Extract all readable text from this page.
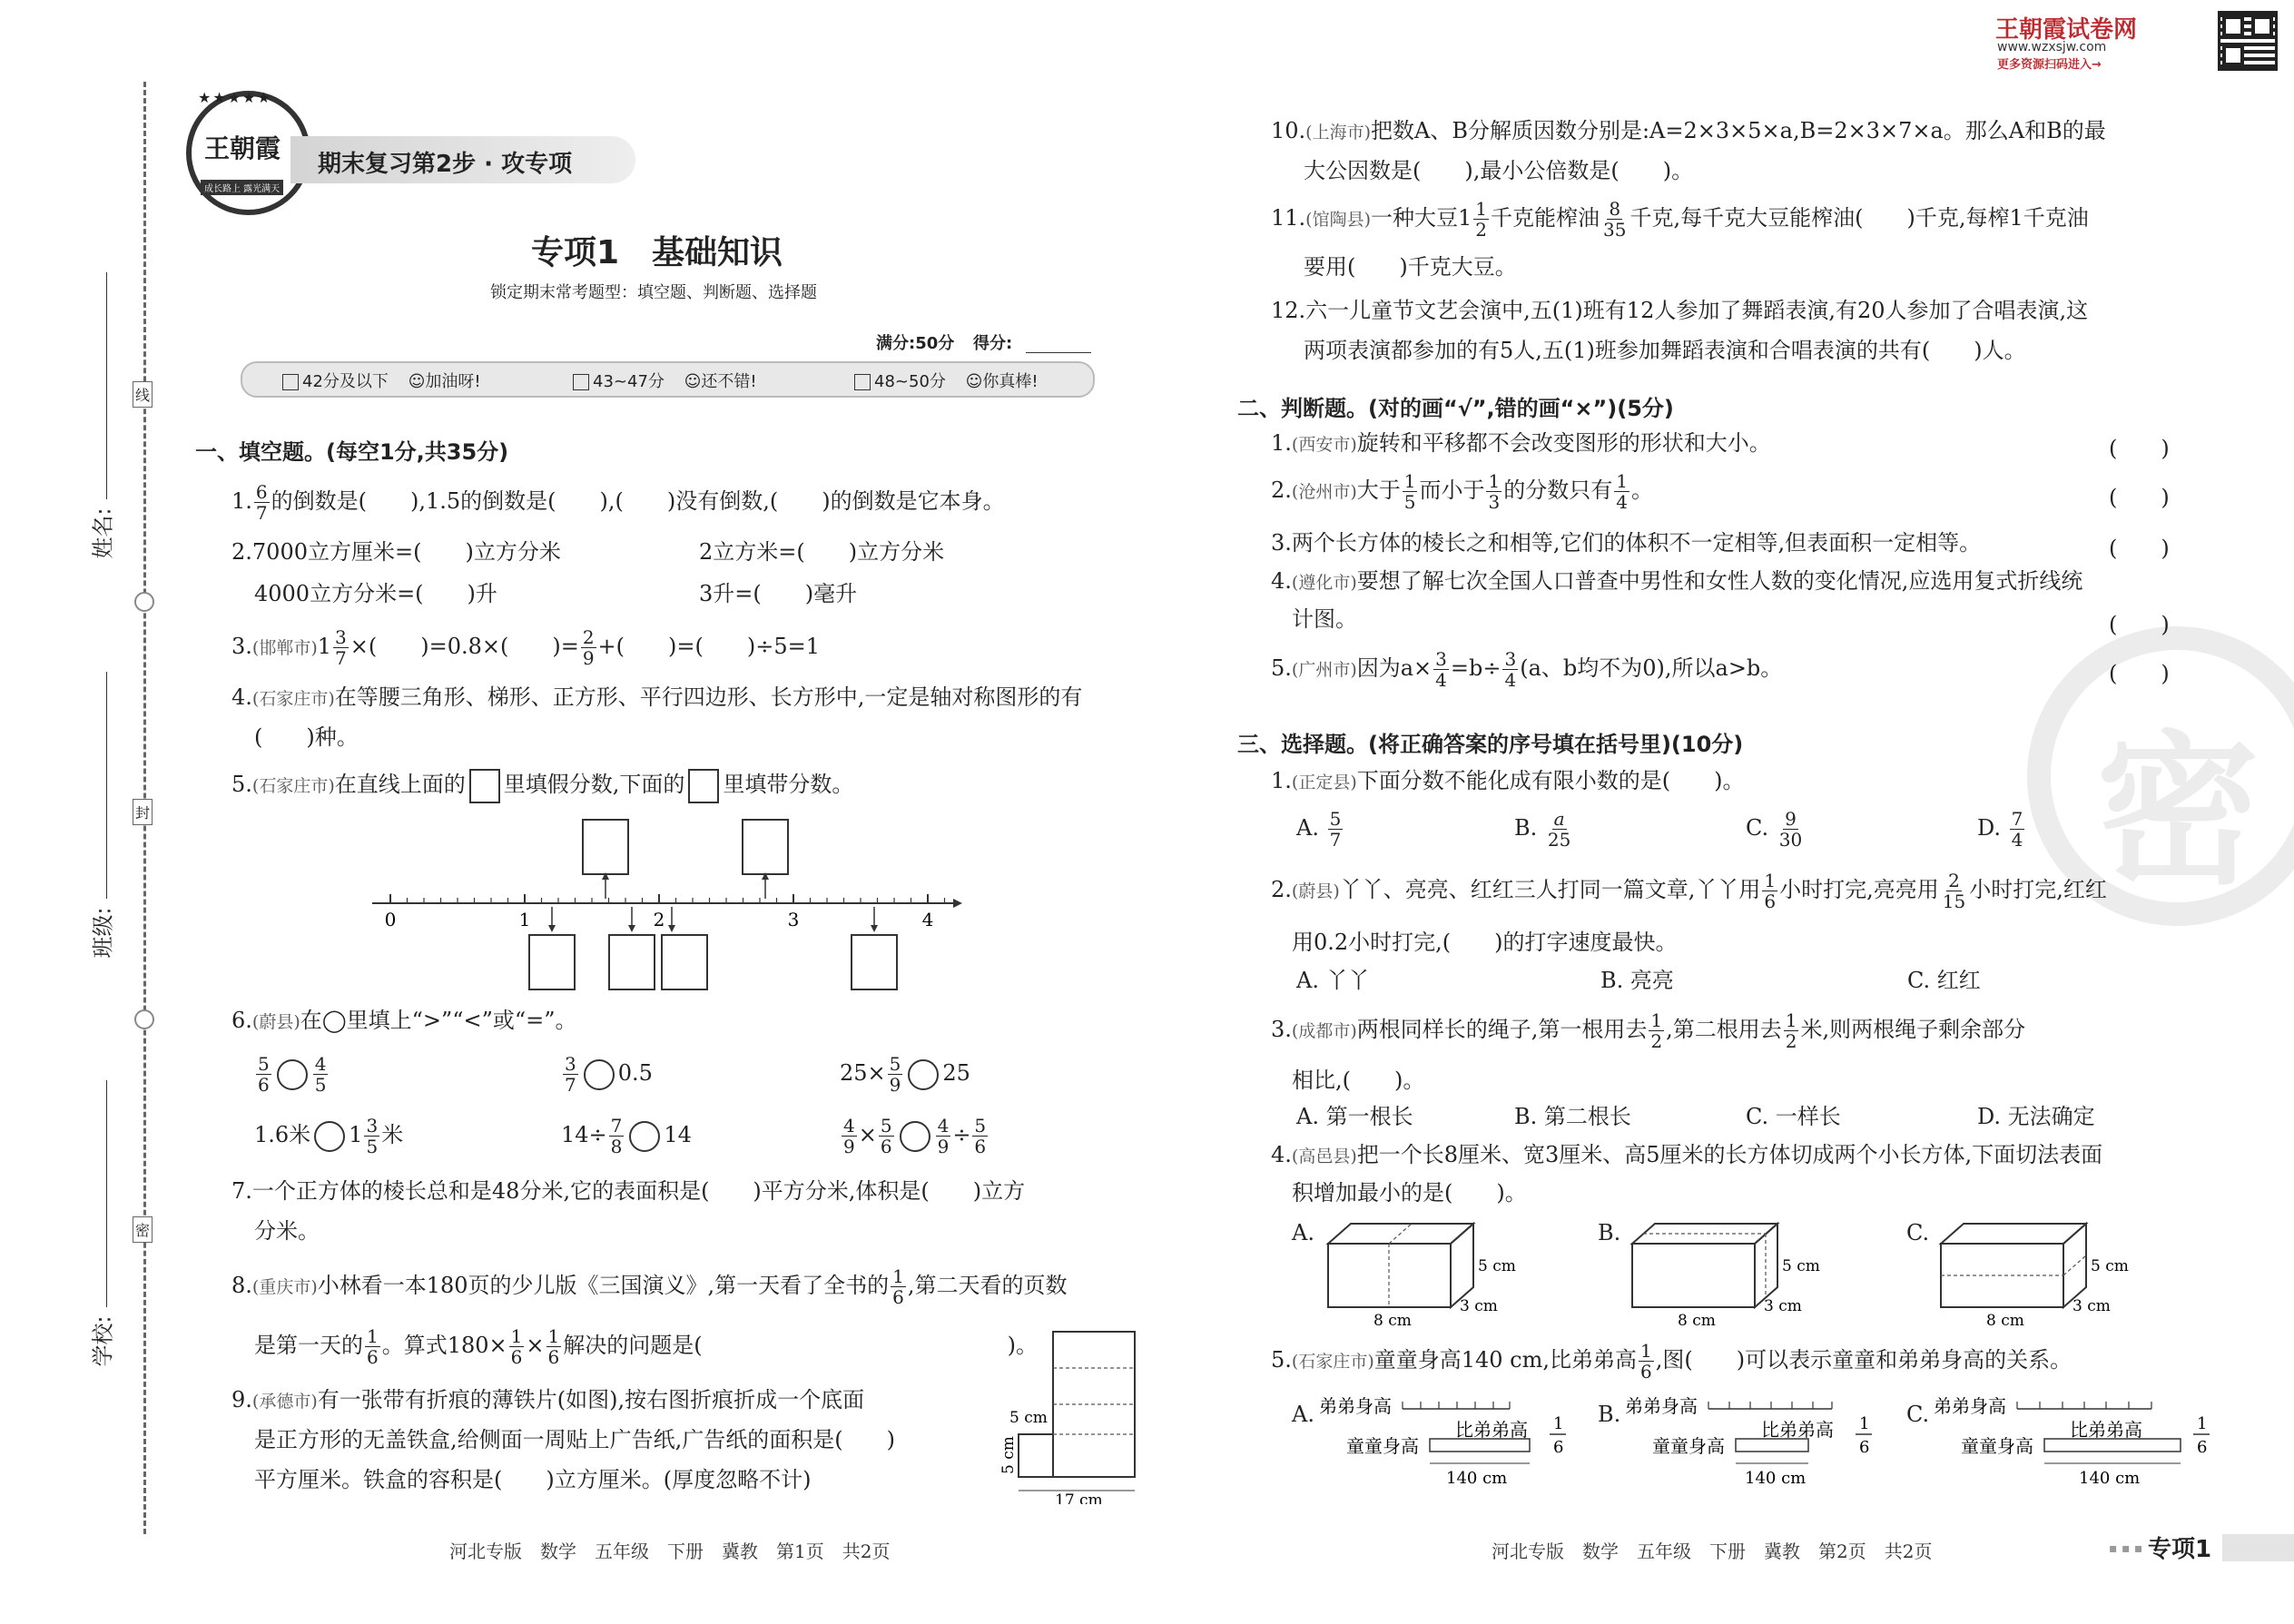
线
封
密
姓名:
班级:
学校:
王朝霞
成长路上 露光满天
★★★★★
期末复习第2步 · 攻专项
专项1　基础知识
锁定期末常考题型：填空题、判断题、选择题
满分:50分 得分:
42分及以下 ☺加油呀!	43~47分 ☺还不错!	48~50分 ☺你真棒!
一、填空题。(每空1分,共35分)
1. $\frac{6}{7}$ 的倒数是(　　),1.5的倒数是(　　),(　　)没有倒数,(　　)的倒数是它本身。
2.7000立方厘米=(　　)立方分米	2立方米=(　　)立方分米
4000立方分米=(　　)升	3升=(　　)毫升
3.(邯郸市)$1 \frac{3}{7}$ ×(　　)=0.8×(　　)= $\frac{2}{9}$ +(　　)=(　　)÷5=1
4.(石家庄市)在等腰三角形、梯形、正方形、平行四边形、长方形中,一定是轴对称图形的有
(　　)种。
5.(石家庄市)在直线上面的 里填假分数,下面的 里填带分数。
0	1	2	3	4
6.(蔚县)在◯里填上“>”“<”或“=”。
$\frac{5}{6} \frac{4}{5}$	$\frac{3}{7} 0.5$	$25\times \frac{5}{9} 25$
1.6米 $1 \frac{3}{5}$ 米	$14\div \frac{7}{8} 14$	$\frac{4}{9} \times \frac{5}{6} \frac{4}{9} \div \frac{5}{6}$
7.一个正方体的棱长总和是48分米,它的表面积是(　　)平方分米,体积是(　　)立方
分米。
8.(重庆市)小林看一本180页的少儿版《三国演义》,第一天看了全书的 $\frac{1}{6}$ ,第二天看的页数
是第一天的 $\frac{1}{6}$ 。算式$180\times \frac{1}{6} \times \frac{1}{6}$ 解决的问题是(　　　　　　　　　　　　　　)。
9.(承德市)有一张带有折痕的薄铁片(如图),按右图折痕折成一个底面
是正方形的无盖铁盒,给侧面一周贴上广告纸,广告纸的面积是(　　)
平方厘米。铁盒的容积是(　　)立方厘米。(厚度忽略不计)
5 cm
5 cm
17 cm
河北专版　数学　五年级　下册　冀教　第1页　共2页
王朝霞试卷网
www.wzxsjw.com
更多资源扫码进入→
密
10.(上海市)把数A、B分解质因数分别是:A=2×3×5×a,B=2×3×7×a。那么A和B的最
大公因数是(　　),最小公倍数是(　　)。
11.(馆陶县)一种大豆$1 \frac{1}{2}$ 千克能榨油 $\frac{8}{35}$ 千克,每千克大豆能榨油(　　)千克,每榨1千克油
要用(　　)千克大豆。
12.六一儿童节文艺会演中,五(1)班有12人参加了舞蹈表演,有20人参加了合唱表演,这
两项表演都参加的有5人,五(1)班参加舞蹈表演和合唱表演的共有(　　)人。
二、判断题。(对的画“√”,错的画“×”)(5分)
1.(西安市)旋转和平移都不会改变图形的形状和大小。	(　　)
2.(沧州市)大于 $\frac{1}{5}$ 而小于 $\frac{1}{3}$ 的分数只有 $\frac{1}{4}$ 。	(　　)
3.两个长方体的棱长之和相等,它们的体积不一定相等,但表面积一定相等。	(　　)
4.(遵化市)要想了解七次全国人口普查中男性和女性人数的变化情况,应选用复式折线统
计图。	(　　)
5.(广州市)因为$a\times \frac{3}{4} =b\div \frac{3}{4} (a$、b均不为0),所以a>b。	(　　)
三、选择题。(将正确答案的序号填在括号里)(10分)
1.(正定县)下面分数不能化成有限小数的是(　　)。
A. $\frac{5}{7}$	B. $\frac{a}{25}$	C. $\frac{9}{30}$	D. $\frac{7}{4}$
2.(蔚县)丫丫、亮亮、红红三人打同一篇文章,丫丫用 $\frac{1}{6}$ 小时打完,亮亮用 $\frac{2}{15}$ 小时打完,红红
用0.2小时打完,(　　)的打字速度最快。
A. 丫丫	B. 亮亮	C. 红红
3.(成都市)两根同样长的绳子,第一根用去 $\frac{1}{2}$ ,第二根用去 $\frac{1}{2}$ 米,则两根绳子剩余部分
相比,(　　)。
A. 第一根长	B. 第二根长	C. 一样长	D. 无法确定
4.(高邑县)把一个长8厘米、宽3厘米、高5厘米的长方体切成两个小长方体,下面切法表面
积增加最小的是(　　)。
A.
5 cm
3 cm
8 cm
B.
5 cm
3 cm
8 cm
C.
5 cm
3 cm
8 cm
5.(石家庄市)童童身高140 cm,比弟弟高 $\frac{1}{6}$ ,图(　　)可以表示童童和弟弟身高的关系。
A. 弟弟身高
童童身高
比弟弟高 1
6
140 cm
B. 弟弟身高
童童身高
比弟弟高 1
6
140 cm
C. 弟弟身高
童童身高
比弟弟高	1
6
140 cm
河北专版　数学　五年级　下册　冀教　第2页　共2页	▪ ▪ ▪ 专项1
